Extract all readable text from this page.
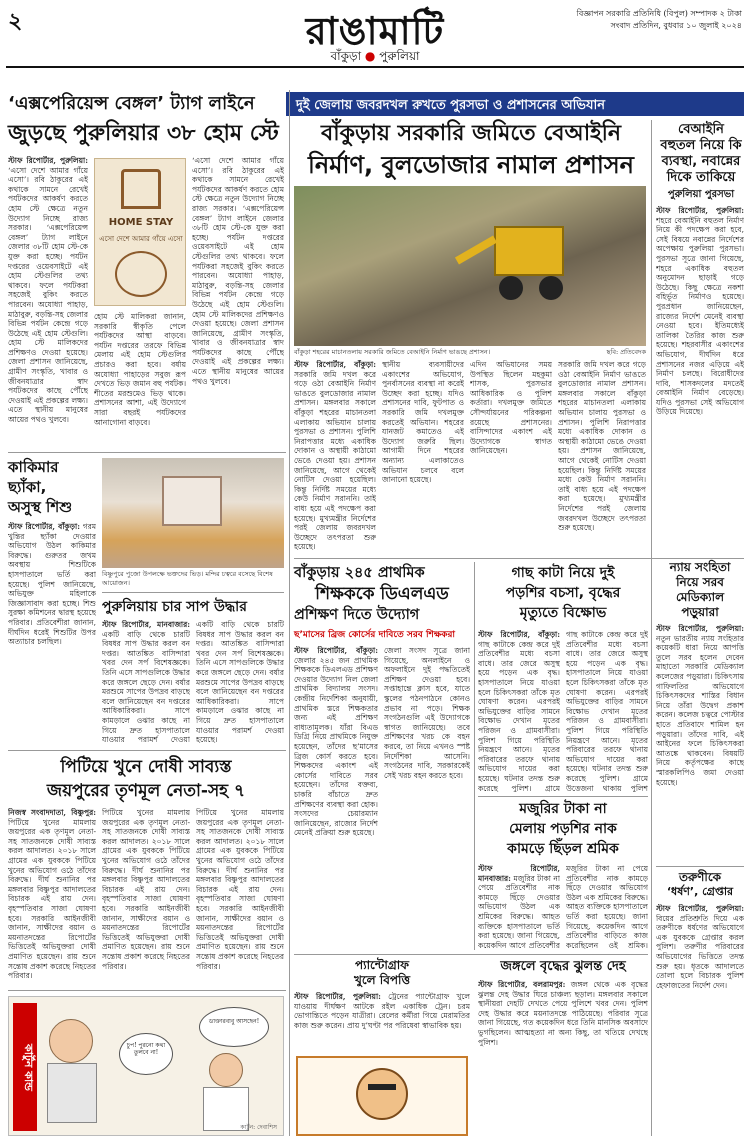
২	রাঙামাটি
বাঁকুড়া ● পুরুলিয়া
বিজ্ঞাপন সরকারি প্রতিনিধি (বিপুল) সম্পাদক ২ টাকা
সংবাদ প্রতিদিন, বুধবার ১০ জুলাই ২০২৪
দুই জেলায় জবরদখল রুখতে পুরসভা ও প্রশাসনের অভিযান
‘এক্সপেরিয়েন্স বেঙ্গল’ ট্যাগ লাইনে
জুড়ছে পুরুলিয়ার ৩৮ হোম স্টে
স্টাফ রিপোর্টার, পুরুলিয়া: ‘এসো দেশে আমার গাঁয়ে এসো’। রবি ঠাকুরের এই কথাকে সামনে রেখেই পর্যটকদের আকর্ষণ করতে হোম স্টে ক্ষেত্রে নতুন উদ্যোগ নিচ্ছে রাজ্য সরকার। ‘এক্সপেরিয়েন্স বেঙ্গল’ ট্যাগ লাইনে জেলার ৩৮টি হোম স্টে-কে যুক্ত করা হচ্ছে। পর্যটন দপ্তরের ওয়েবসাইটে এই হোম স্টেগুলির তথ্য থাকবে। ফলে পর্যটকরা সহজেই বুকিং করতে পারবেন। অযোধ্যা পাহাড়, মাঠাবুরু, বড়ন্তি-সহ জেলার বিভিন্ন পর্যটন কেন্দ্রে গড়ে উঠেছে এই হোম স্টেগুলি। হোম স্টে মালিকদের প্রশিক্ষণও দেওয়া হয়েছে। জেলা প্রশাসন জানিয়েছে, গ্রামীণ সংস্কৃতি, খাবার ও জীবনযাত্রার স্বাদ পর্যটকদের কাছে পৌঁছে দেওয়াই এই প্রকল্পের লক্ষ্য। এতে স্থানীয় মানুষের আয়ের পথও খুলবে।
HOME STAY
এসো দেশে আমার গাঁয়ে এসো
হোম স্টে মালিকরা জানান, সরকারি স্বীকৃতি পেলে পর্যটকদের আস্থা বাড়বে। পর্যটন দপ্তরের তরফে বিভিন্ন মেলায় এই হোম স্টেগুলির প্রচারও করা হবে। বর্ষায় অযোধ্যা পাহাড়ের সবুজ রূপ দেখতে ভিড় জমান বহু পর্যটক। শীতের মরশুমেও ভিড় থাকে। প্রশাসনের আশা, এই উদ্যোগে সারা বছরই পর্যটকদের আনাগোনা বাড়বে।
‘এসো দেশে আমার গাঁয়ে এসো’। রবি ঠাকুরের এই কথাকে সামনে রেখেই পর্যটকদের আকর্ষণ করতে হোম স্টে ক্ষেত্রে নতুন উদ্যোগ নিচ্ছে রাজ্য সরকার। ‘এক্সপেরিয়েন্স বেঙ্গল’ ট্যাগ লাইনে জেলার ৩৮টি হোম স্টে-কে যুক্ত করা হচ্ছে। পর্যটন দপ্তরের ওয়েবসাইটে এই হোম স্টেগুলির তথ্য থাকবে। ফলে পর্যটকরা সহজেই বুকিং করতে পারবেন। অযোধ্যা পাহাড়, মাঠাবুরু, বড়ন্তি-সহ জেলার বিভিন্ন পর্যটন কেন্দ্রে গড়ে উঠেছে এই হোম স্টেগুলি। হোম স্টে মালিকদের প্রশিক্ষণও দেওয়া হয়েছে। জেলা প্রশাসন জানিয়েছে, গ্রামীণ সংস্কৃতি, খাবার ও জীবনযাত্রার স্বাদ পর্যটকদের কাছে পৌঁছে দেওয়াই এই প্রকল্পের লক্ষ্য। এতে স্থানীয় মানুষের আয়ের পথও খুলবে।
কাকিমার
ছ্যাঁকা,
অসুস্থ শিশু
স্টাফ রিপোর্টার, বাঁকুড়া: গরম খুন্তির ছ্যাঁকা দেওয়ার অভিযোগ উঠল কাকিমার বিরুদ্ধে। গুরুতর জখম অবস্থায় শিশুটিকে হাসপাতালে ভর্তি করা হয়েছে। পুলিশ জানিয়েছে, অভিযুক্ত মহিলাকে জিজ্ঞাসাবাদ করা হচ্ছে। শিশু সুরক্ষা কমিশনের দ্বারস্থ হয়েছে পরিবার। প্রতিবেশীরা জানান, দীর্ঘদিন ধরেই শিশুটির উপর অত্যাচার চলছিল।
বিষ্ণুপুরে পুজো উপলক্ষে ভক্তদের ভিড়। মন্দির চত্বরে বসেছে বিশেষ আয়োজন।
পুরুলিয়ায় চার সাপ উদ্ধার
স্টাফ রিপোর্টার, মানবাজার: একটি বাড়ি থেকে চারটি বিষধর সাপ উদ্ধার করল বন দপ্তর। আতঙ্কিত বাসিন্দারা খবর দেন সর্প বিশেষজ্ঞকে। তিনি এসে সাপগুলিকে উদ্ধার করে জঙ্গলে ছেড়ে দেন। বর্ষার মরশুমে সাপের উপদ্রব বাড়ছে বলে জানিয়েছেন বন দপ্তরের আধিকারিকরা। সাপে কামড়ালে ওঝার কাছে না গিয়ে দ্রুত হাসপাতালে যাওয়ার পরামর্শ দেওয়া
একটি বাড়ি থেকে চারটি বিষধর সাপ উদ্ধার করল বন দপ্তর। আতঙ্কিত বাসিন্দারা খবর দেন সর্প বিশেষজ্ঞকে। তিনি এসে সাপগুলিকে উদ্ধার করে জঙ্গলে ছেড়ে দেন। বর্ষার মরশুমে সাপের উপদ্রব বাড়ছে বলে জানিয়েছেন বন দপ্তরের আধিকারিকরা। সাপে কামড়ালে ওঝার কাছে না গিয়ে দ্রুত হাসপাতালে যাওয়ার পরামর্শ দেওয়া হয়েছে।
পিটিয়ে খুনে দোষী সাব্যস্ত
জয়পুরের তৃণমূল নেতা-সহ ৭
নিজস্ব সংবাদদাতা, বিষ্ণুপুর: পিটিয়ে খুনের মামলায় জয়পুরের এক তৃণমূল নেতা-সহ সাতজনকে দোষী সাব্যস্ত করল আদালত। ২০১৮ সালে গ্রামের এক যুবককে পিটিয়ে খুনের অভিযোগ ওঠে তাঁদের বিরুদ্ধে। দীর্ঘ শুনানির পর মঙ্গলবার বিষ্ণুপুর আদালতের বিচারক এই রায় দেন। বৃহস্পতিবার সাজা ঘোষণা হবে। সরকারি আইনজীবী জানান, সাক্ষীদের বয়ান ও ময়নাতদন্তের রিপোর্টের ভিত্তিতেই অভিযুক্তরা দোষী প্রমাণিত হয়েছেন। রায় শুনে সন্তোষ প্রকাশ করেছে নিহতের পরিবার।
পিটিয়ে খুনের মামলায় জয়পুরের এক তৃণমূল নেতা-সহ সাতজনকে দোষী সাব্যস্ত করল আদালত। ২০১৮ সালে গ্রামের এক যুবককে পিটিয়ে খুনের অভিযোগ ওঠে তাঁদের বিরুদ্ধে। দীর্ঘ শুনানির পর মঙ্গলবার বিষ্ণুপুর আদালতের বিচারক এই রায় দেন। বৃহস্পতিবার সাজা ঘোষণা হবে। সরকারি আইনজীবী জানান, সাক্ষীদের বয়ান ও ময়নাতদন্তের রিপোর্টের ভিত্তিতেই অভিযুক্তরা দোষী প্রমাণিত হয়েছেন। রায় শুনে সন্তোষ প্রকাশ করেছে নিহতের পরিবার।
পিটিয়ে খুনের মামলায় জয়পুরের এক তৃণমূল নেতা-সহ সাতজনকে দোষী সাব্যস্ত করল আদালত। ২০১৮ সালে গ্রামের এক যুবককে পিটিয়ে খুনের অভিযোগ ওঠে তাঁদের বিরুদ্ধে। দীর্ঘ শুনানির পর মঙ্গলবার বিষ্ণুপুর আদালতের বিচারক এই রায় দেন। বৃহস্পতিবার সাজা ঘোষণা হবে। সরকারি আইনজীবী জানান, সাক্ষীদের বয়ান ও ময়নাতদন্তের রিপোর্টের ভিত্তিতেই অভিযুক্তরা দোষী প্রমাণিত হয়েছেন। রায় শুনে সন্তোষ প্রকাশ করেছে নিহতের পরিবার।
কার্টুন কান্ড	চুপ! পুরনো কথা তুলবে না!
ডাক্তারবাবু আসছেন!
কার্টুন: দেবাশিস
বাঁকুড়ায় সরকারি জমিতে বেআইনি
নির্মাণ, বুলডোজার নামাল প্রশাসন
বাঁকুড়া শহরের মাচানতলায় সরকারি জমিতে বেআইনি নির্মাণ ভাঙছে প্রশাসন।	ছবি: প্রতিবেদক
স্টাফ রিপোর্টার, বাঁকুড়া: সরকারি জমি দখল করে গড়ে ওঠা বেআইনি নির্মাণ ভাঙতে বুলডোজার নামাল প্রশাসন। মঙ্গলবার সকালে বাঁকুড়া শহরের মাচানতলা এলাকায় অভিযান চালায় পুরসভা ও প্রশাসন। পুলিশি নিরাপত্তার মধ্যে একাধিক দোকান ও অস্থায়ী কাঠামো ভেঙে দেওয়া হয়। প্রশাসন জানিয়েছে, আগে থেকেই নোটিস দেওয়া হয়েছিল। কিন্তু নির্দিষ্ট সময়ের মধ্যে কেউ নির্মাণ সরাননি। তাই বাধ্য হয়ে এই পদক্ষেপ করা হয়েছে। মুখ্যমন্ত্রীর নির্দেশের পরই জেলায় জবরদখল উচ্ছেদে তৎপরতা শুরু হয়েছে।
স্থানীয় ব্যবসায়ীদের একাংশের অভিযোগ, পুনর্বাসনের ব্যবস্থা না করেই উচ্ছেদ করা হচ্ছে। যদিও প্রশাসনের দাবি, ফুটপাত ও সরকারি জমি দখলমুক্ত করতেই অভিযান। শহরের যানজট কমাতেও এই উদ্যোগ জরুরি ছিল। আগামী দিনে শহরের অন্যান্য এলাকাতেও অভিযান চলবে বলে জানানো হয়েছে।
এদিন অভিযানের সময় উপস্থিত ছিলেন মহকুমা শাসক, পুরসভার আধিকারিক ও পুলিশ কর্তারা। দখলমুক্ত জমিতে সৌন্দর্যায়নের পরিকল্পনা রয়েছে প্রশাসনের। বাসিন্দাদের একাংশ এই উদ্যোগকে স্বাগত জানিয়েছেন।
সরকারি জমি দখল করে গড়ে ওঠা বেআইনি নির্মাণ ভাঙতে বুলডোজার নামাল প্রশাসন। মঙ্গলবার সকালে বাঁকুড়া শহরের মাচানতলা এলাকায় অভিযান চালায় পুরসভা ও প্রশাসন। পুলিশি নিরাপত্তার মধ্যে একাধিক দোকান ও অস্থায়ী কাঠামো ভেঙে দেওয়া হয়। প্রশাসন জানিয়েছে, আগে থেকেই নোটিস দেওয়া হয়েছিল। কিন্তু নির্দিষ্ট সময়ের মধ্যে কেউ নির্মাণ সরাননি। তাই বাধ্য হয়ে এই পদক্ষেপ করা হয়েছে। মুখ্যমন্ত্রীর নির্দেশের পরই জেলায় জবরদখল উচ্ছেদে তৎপরতা শুরু হয়েছে।
বেআইনি
বহুতল নিয়ে কি
ব্যবস্থা, নবান্নের
দিকে তাকিয়ে
পুরুলিয়া পুরসভা
স্টাফ রিপোর্টার, পুরুলিয়া: শহরে বেআইনি বহুতল নির্মাণ নিয়ে কী পদক্ষেপ করা হবে, সেই বিষয়ে নবান্নের নির্দেশের অপেক্ষায় পুরুলিয়া পুরসভা। পুরসভা সূত্রে জানা গিয়েছে, শহরে একাধিক বহুতল অনুমোদন ছাড়াই গড়ে উঠেছে। কিছু ক্ষেত্রে নকশা বহির্ভূত নির্মাণও হয়েছে। পুরপ্রধান জানিয়েছেন, রাজ্যের নির্দেশ মেনেই ব্যবস্থা নেওয়া হবে। ইতিমধ্যেই তালিকা তৈরির কাজ শুরু হয়েছে। শহরবাসীর একাংশের অভিযোগ, দীর্ঘদিন ধরে প্রশাসনের নজর এড়িয়ে এই নির্মাণ চলছে। বিরোধীদের দাবি, শাসকদলের মদতেই বেআইনি নির্মাণ বেড়েছে। যদিও পুরসভা সেই অভিযোগ উড়িয়ে দিয়েছে।
বাঁকুড়ায় ২৪৫ প্রাথমিক
শিক্ষককে ডিএলএড
প্রশিক্ষণ দিতে উদ্যোগ
ছ’মাসের ব্রিজ কোর্সের দাবিতে সরব শিক্ষকরা
স্টাফ রিপোর্টার, বাঁকুড়া: জেলার ২৪৫ জন প্রাথমিক শিক্ষককে ডিএলএড প্রশিক্ষণ দেওয়ার উদ্যোগ নিল জেলা প্রাথমিক বিদ্যালয় সংসদ। কেন্দ্রীয় নির্দেশিকা অনুযায়ী, প্রাথমিক স্তরে শিক্ষকতার জন্য এই প্রশিক্ষণ বাধ্যতামূলক। যাঁরা বিএড ডিগ্রি নিয়ে প্রাথমিকে নিযুক্ত হয়েছেন, তাঁদের ছ’মাসের ব্রিজ কোর্স করতে হবে। শিক্ষকদের একাংশ এই কোর্সের দাবিতে সরব হয়েছেন। তাঁদের বক্তব্য, চাকরি বাঁচাতে দ্রুত প্রশিক্ষণের ব্যবস্থা করা হোক। সংসদের চেয়ারম্যান জানিয়েছেন, রাজ্যের নির্দেশ মেনেই প্রক্রিয়া শুরু হয়েছে।
জেলা সংসদ সূত্রে জানা গিয়েছে, অনলাইনে ও অফলাইনে দুই পদ্ধতিতেই প্রশিক্ষণ দেওয়া হবে। সপ্তাহান্তে ক্লাস হবে, যাতে স্কুলের পঠনপাঠনে কোনও প্রভাব না পড়ে। শিক্ষক সংগঠনগুলি এই উদ্যোগকে স্বাগত জানিয়েছে। তবে প্রশিক্ষণের খরচ কে বহন করবে, তা নিয়ে এখনও স্পষ্ট নির্দেশিকা আসেনি। সংগঠনের দাবি, সরকারকেই সেই খরচ বহন করতে হবে।
গাছ কাটা নিয়ে দুই
পড়শির বচসা, বৃদ্ধের
মৃত্যুতে বিক্ষোভ
স্টাফ রিপোর্টার, বাঁকুড়া: গাছ কাটাকে কেন্দ্র করে দুই প্রতিবেশীর মধ্যে বচসা বাধে। তার জেরে অসুস্থ হয়ে পড়েন এক বৃদ্ধ। হাসপাতালে নিয়ে যাওয়া হলে চিকিৎসকরা তাঁকে মৃত ঘোষণা করেন। এরপরই অভিযুক্তের বাড়ির সামনে বিক্ষোভ দেখান মৃতের পরিজন ও গ্রামবাসীরা। পুলিশ গিয়ে পরিস্থিতি নিয়ন্ত্রণে আনে। মৃতের পরিবারের তরফে থানায় অভিযোগ দায়ের করা হয়েছে। ঘটনার তদন্ত শুরু করেছে পুলিশ। গ্রামে
গাছ কাটাকে কেন্দ্র করে দুই প্রতিবেশীর মধ্যে বচসা বাধে। তার জেরে অসুস্থ হয়ে পড়েন এক বৃদ্ধ। হাসপাতালে নিয়ে যাওয়া হলে চিকিৎসকরা তাঁকে মৃত ঘোষণা করেন। এরপরই অভিযুক্তের বাড়ির সামনে বিক্ষোভ দেখান মৃতের পরিজন ও গ্রামবাসীরা। পুলিশ গিয়ে পরিস্থিতি নিয়ন্ত্রণে আনে। মৃতের পরিবারের তরফে থানায় অভিযোগ দায়ের করা হয়েছে। ঘটনার তদন্ত শুরু করেছে পুলিশ। গ্রামে উত্তেজনা থাকায় পুলিশ
মজুরির টাকা না
মেলায় পড়শির নাক
কামড়ে ছিঁড়ল শ্রমিক
স্টাফ রিপোর্টার, মানবাজার: মজুরির টাকা না পেয়ে প্রতিবেশীর নাক কামড়ে ছিঁড়ে দেওয়ার অভিযোগ উঠল এক শ্রমিকের বিরুদ্ধে। আহত ব্যক্তিকে হাসপাতালে ভর্তি করা হয়েছে। জানা গিয়েছে, কয়েকদিন আগে প্রতিবেশীর
মজুরির টাকা না পেয়ে প্রতিবেশীর নাক কামড়ে ছিঁড়ে দেওয়ার অভিযোগ উঠল এক শ্রমিকের বিরুদ্ধে। আহত ব্যক্তিকে হাসপাতালে ভর্তি করা হয়েছে। জানা গিয়েছে, কয়েকদিন আগে প্রতিবেশীর বাড়িতে কাজ করেছিলেন ওই শ্রমিক।
ন্যায় সংহিতা
নিয়ে সরব
মেডিক্যাল
পড়ুয়ারা
স্টাফ রিপোর্টার, পুরুলিয়া: নতুন ভারতীয় ন্যায় সংহিতার কয়েকটি ধারা নিয়ে আপত্তি তুলে সরব হলেন দেবেন মাহাতো সরকারি মেডিক্যাল কলেজের পড়ুয়ারা। চিকিৎসায় গাফিলতির অভিযোগে চিকিৎসকদের শাস্তির বিধান নিয়ে তাঁরা উদ্বেগ প্রকাশ করেন। কলেজ চত্বরে পোস্টার হাতে প্রতিবাদে শামিল হন পড়ুয়ারা। তাঁদের দাবি, এই আইনের ফলে চিকিৎসকরা আতঙ্কে থাকবেন। বিষয়টি নিয়ে কর্তৃপক্ষের কাছে স্মারকলিপিও জমা দেওয়া হয়েছে।
তরুণীকে
‘ধর্ষণ’, গ্রেপ্তার
স্টাফ রিপোর্টার, পুরুলিয়া: বিয়ের প্রতিশ্রুতি দিয়ে এক তরুণীকে ধর্ষণের অভিযোগে এক যুবককে গ্রেপ্তার করল পুলিশ। তরুণীর পরিবারের অভিযোগের ভিত্তিতে তদন্ত শুরু হয়। ধৃতকে আদালতে তোলা হলে বিচারক পুলিশ হেফাজতের নির্দেশ দেন।
প্যান্টোগ্রাফ
খুলে বিপত্তি
স্টাফ রিপোর্টার, পুরুলিয়া: ট্রেনের প্যান্টোগ্রাফ খুলে যাওয়ায় দীর্ঘক্ষণ আটকে রইল একাধিক ট্রেন। চরম ভোগান্তিতে পড়েন যাত্রীরা। রেলের কর্মীরা গিয়ে মেরামতির কাজ শুরু করেন। প্রায় দু’ঘণ্টা পর পরিষেবা স্বাভাবিক হয়।
জঙ্গলে বৃদ্ধের ঝুলন্ত দেহ
স্টাফ রিপোর্টার, বলরামপুর: জঙ্গল থেকে এক বৃদ্ধের ঝুলন্ত দেহ উদ্ধার ঘিরে চাঞ্চল্য ছড়াল। মঙ্গলবার সকালে স্থানীয়রা দেহটি দেখতে পেয়ে পুলিশে খবর দেন। পুলিশ দেহ উদ্ধার করে ময়নাতদন্তে পাঠিয়েছে। পরিবার সূত্রে জানা গিয়েছে, গত কয়েকদিন ধরে তিনি মানসিক অবসাদে ভুগছিলেন। আত্মহত্যা না অন্য কিছু, তা খতিয়ে দেখছে পুলিশ।
